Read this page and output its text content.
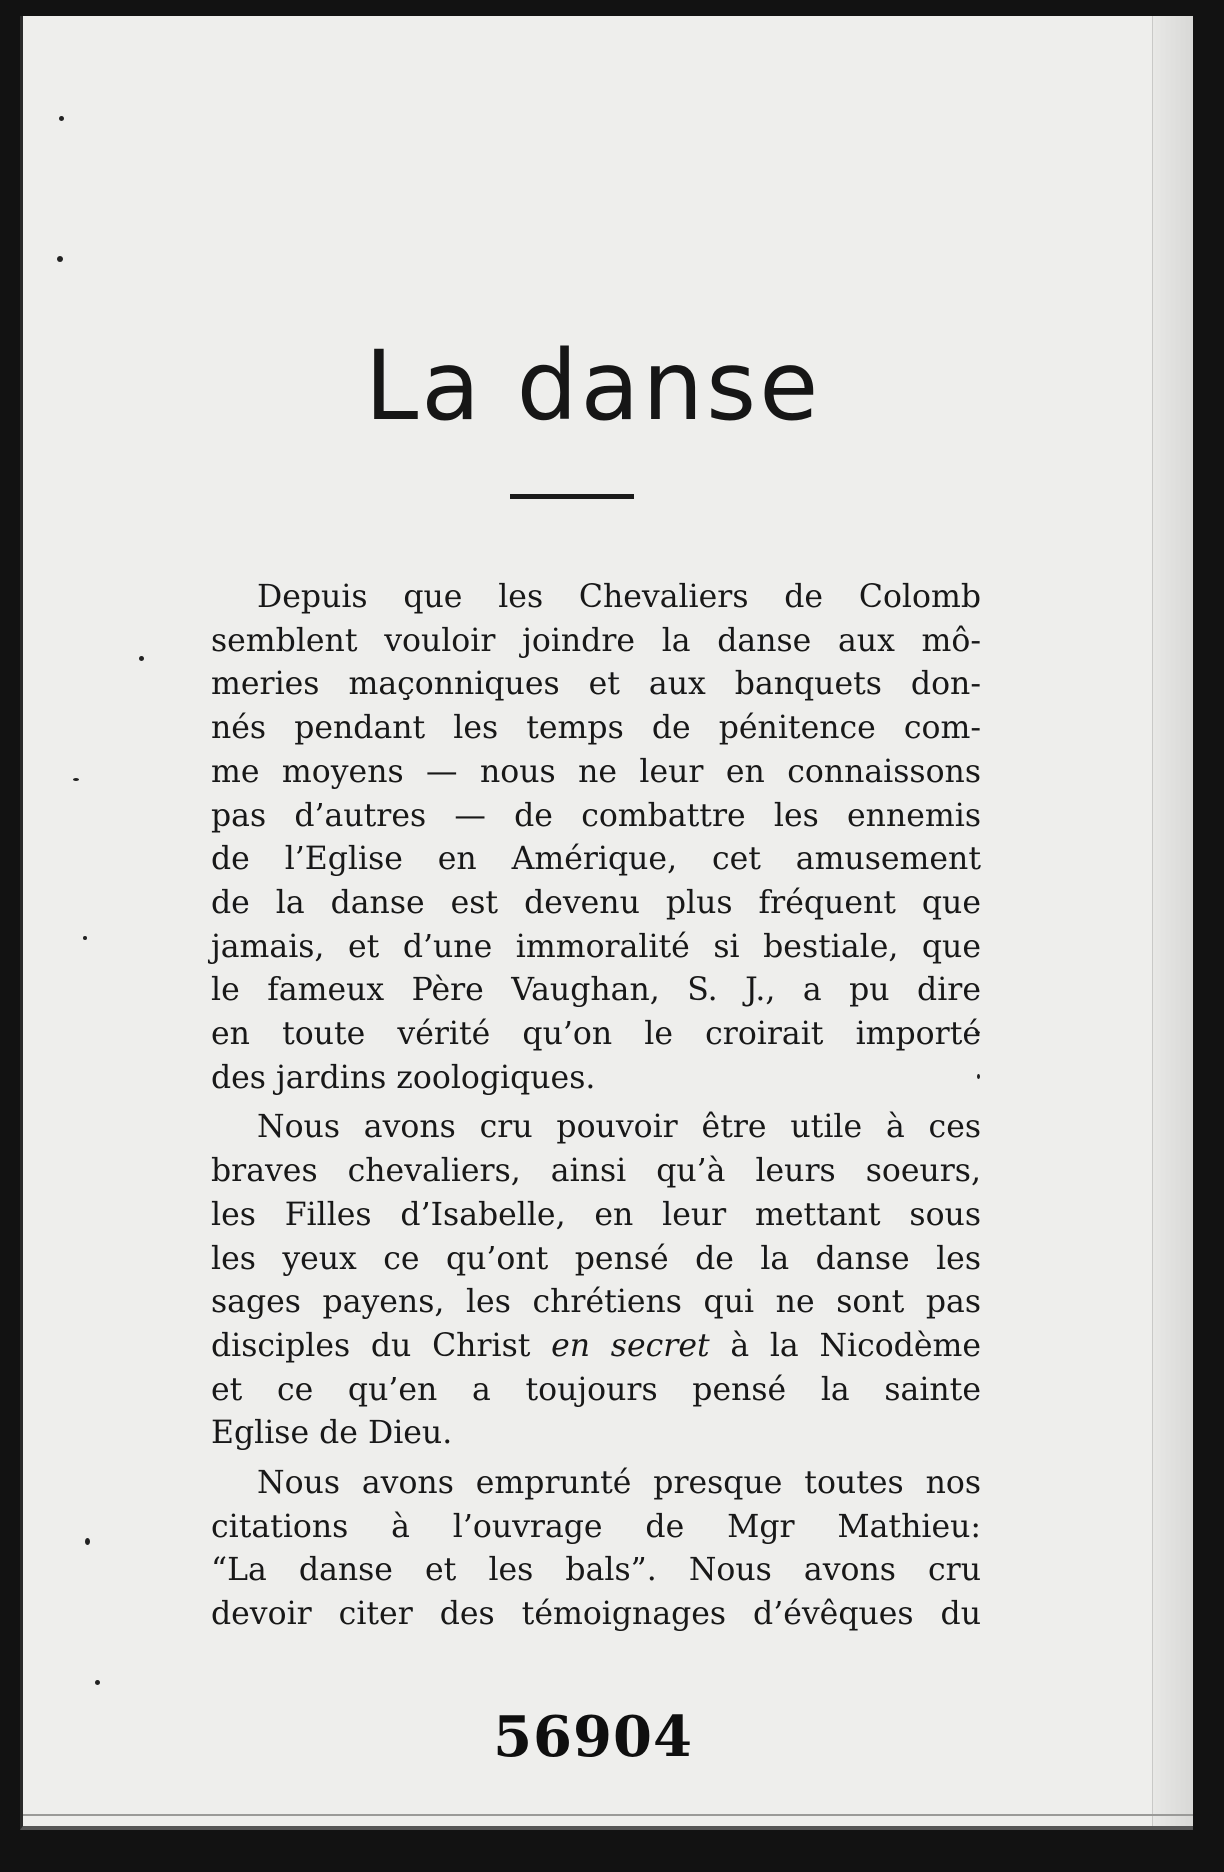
La danse

Depuis que les Chevaliers de Colomb
semblent vouloir joindre la danse aux mô-
meries maçonniques et aux banquets don-
nés pendant les temps de pénitence com-
me moyens — nous ne leur en connaissons
pas d’autres — de combattre les ennemis
de l’Eglise en Amérique, cet amusement
de la danse est devenu plus fréquent que
jamais, et d’une immoralité si bestiale, que
le fameux Père Vaughan, S. J., a pu dire
en toute vérité qu’on le croirait importé
des jardins zoologiques.

Nous avons cru pouvoir être utile à ces
braves chevaliers, ainsi qu’à leurs soeurs,
les Filles d’Isabelle, en leur mettant sous
les yeux ce qu’ont pensé de la danse les
sages payens, les chrétiens qui ne sont pas
disciples du Christ en secret à la Nicodème
et ce qu’en a toujours pensé la sainte
Eglise de Dieu.

Nous avons emprunté presque toutes nos
citations à l’ouvrage de Mgr Mathieu:
“La danse et les bals”. Nous avons cru
devoir citer des témoignages d’évêques du

56904
